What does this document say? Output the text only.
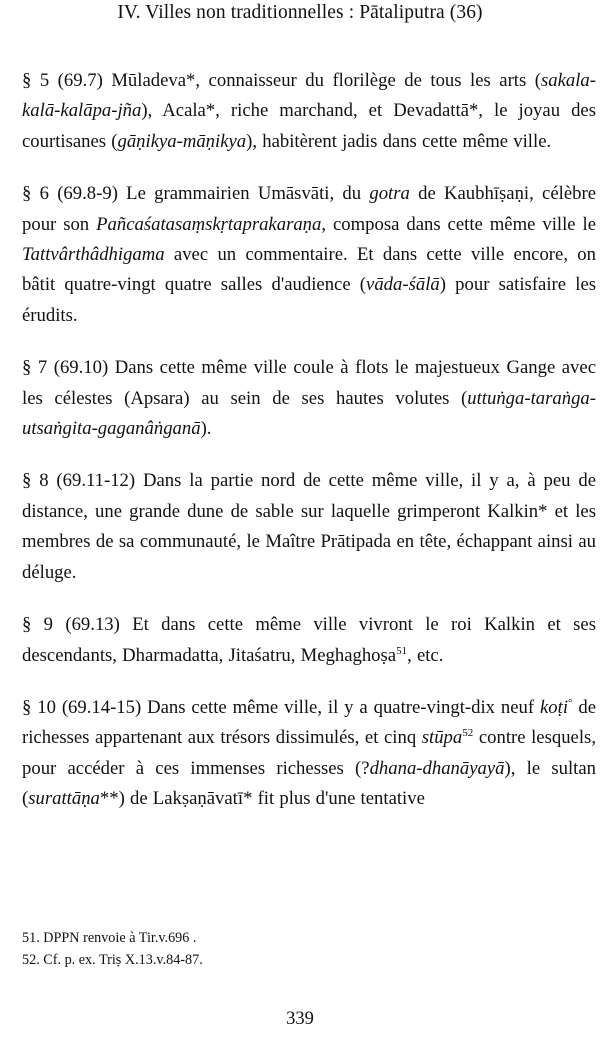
IV. Villes non traditionnelles : Pātaliputra (36)

§ 5 (69.7) Mūladeva*, connaisseur du florilège de tous les arts (sakala-kalā-kalāpa-jña), Acala*, riche marchand, et Devadattā*, le joyau des courtisanes (gāṇikya-māṇikya), habitèrent jadis dans cette même ville.

§ 6 (69.8-9) Le grammairien Umāsvāti, du gotra de Kaubhīṣaṇi, célèbre pour son Pañcaśatasaṃskṛtaprakaraṇa, composa dans cette même ville le Tattvârthâdhigama avec un commentaire. Et dans cette ville encore, on bâtit quatre-vingt quatre salles d'audience (vāda-śālā) pour satisfaire les érudits.

§ 7 (69.10) Dans cette même ville coule à flots le majestueux Gange avec les célestes (Apsara) au sein de ses hautes volutes (uttuṅga-taraṅga-utsaṅgita-gaganâṅganā).

§ 8 (69.11-12) Dans la partie nord de cette même ville, il y a, à peu de distance, une grande dune de sable sur laquelle grimperont Kalkin* et les membres de sa communauté, le Maître Prātipada en tête, échappant ainsi au déluge.

§ 9 (69.13) Et dans cette même ville vivront le roi Kalkin et ses descendants, Dharmadatta, Jitaśatru, Meghaghoṣa$^{51}$, etc.

§ 10 (69.14-15) Dans cette même ville, il y a quatre-vingt-dix neuf koṭi° de richesses appartenant aux trésors dissimulés, et cinq stūpa$^{52}$ contre lesquels, pour accéder à ces immenses richesses (?dhana-dhanāyayā), le sultan (surattāṇa**) de Lakṣaṇāvatī* fit plus d'une tentative

51. DPPN renvoie à Tir.v.696 .

52. Cf. p. ex. Triṣ X.13.v.84-87.

339
